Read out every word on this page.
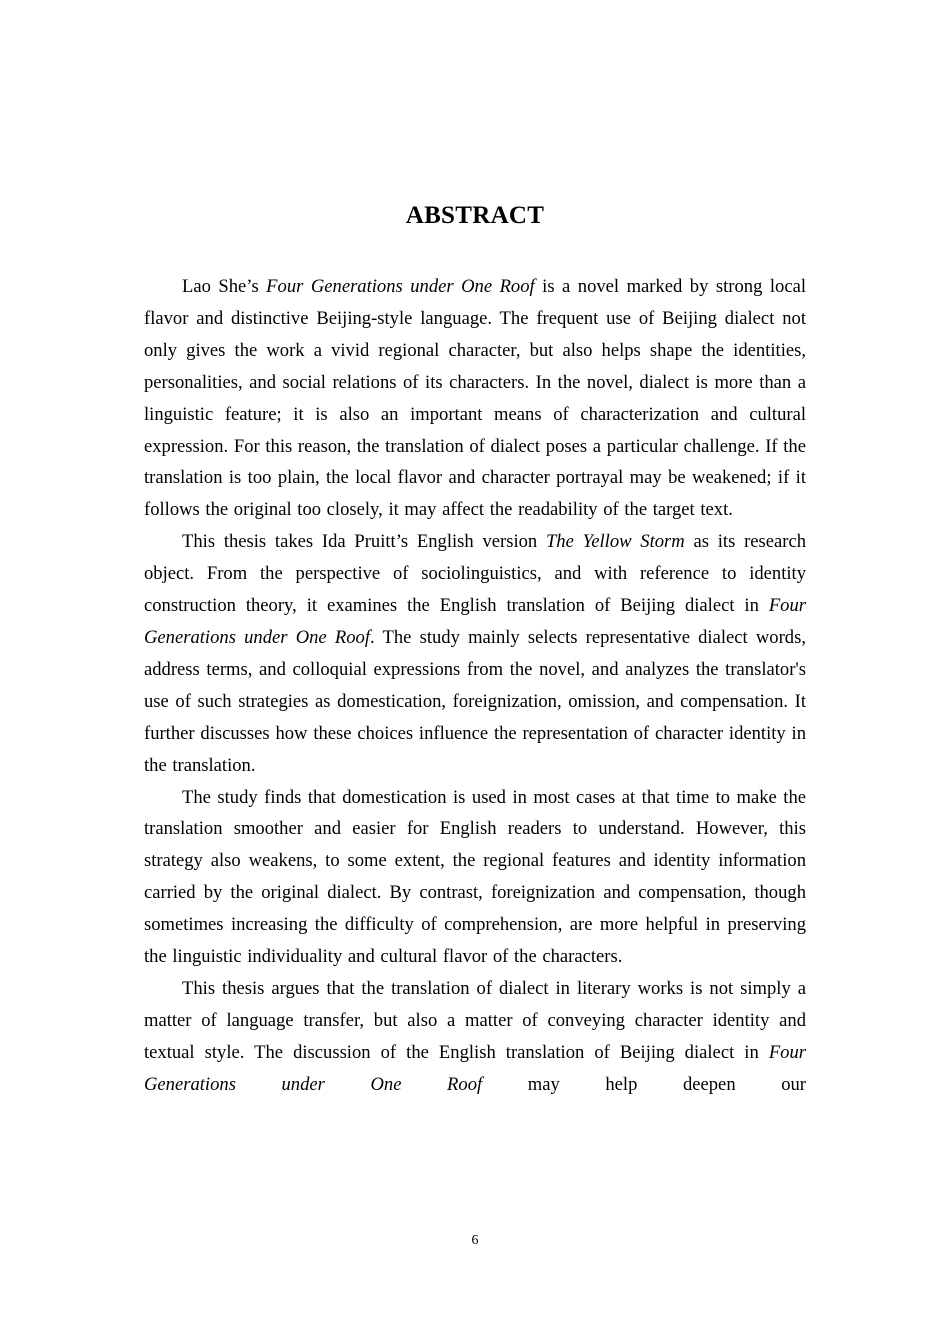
ABSTRACT

Lao She’s Four Generations under One Roof is a novel marked by strong local flavor and distinctive Beijing-style language. The frequent use of Beijing dialect not only gives the work a vivid regional character, but also helps shape the identities, personalities, and social relations of its characters. In the novel, dialect is more than a linguistic feature; it is also an important means of characterization and cultural expression. For this reason, the translation of dialect poses a particular challenge. If the translation is too plain, the local flavor and character portrayal may be weakened; if it follows the original too closely, it may affect the readability of the target text.

This thesis takes Ida Pruitt’s English version The Yellow Storm as its research object. From the perspective of sociolinguistics, and with reference to identity construction theory, it examines the English translation of Beijing dialect in Four Generations under One Roof. The study mainly selects representative dialect words, address terms, and colloquial expressions from the novel, and analyzes the translator's use of such strategies as domestication, foreignization, omission, and compensation. It further discusses how these choices influence the representation of character identity in the translation.

The study finds that domestication is used in most cases at that time to make the translation smoother and easier for English readers to understand. However, this strategy also weakens, to some extent, the regional features and identity information carried by the original dialect. By contrast, foreignization and compensation, though sometimes increasing the difficulty of comprehension, are more helpful in preserving the linguistic individuality and cultural flavor of the characters.

This thesis argues that the translation of dialect in literary works is not simply a matter of language transfer, but also a matter of conveying character identity and textual style. The discussion of the English translation of Beijing dialect in Four Generations under One Roof may help deepen our

6
